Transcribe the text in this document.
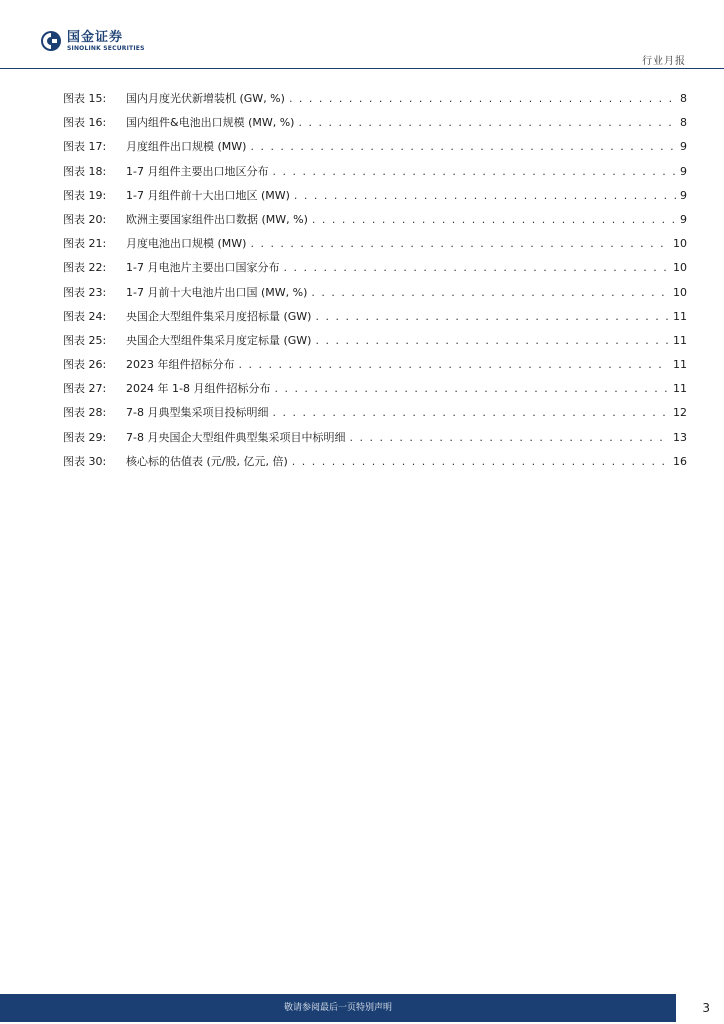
国金证券
SINOLINK SECURITIES
行业月报
图表 15:	国内月度光伏新增装机 (GW, %) . . .	8
图表 16:	国内组件&电池出口规模 (MW, %) . . .	8
图表 17:	月度组件出口规模 (MW) . . .	9
图表 18:	1-7 月组件主要出口地区分布 . . .	9
图表 19:	1-7 月组件前十大出口地区 (MW) . . .	9
图表 20:	欧洲主要国家组件出口数据 (MW, %) . . .	9
图表 21:	月度电池出口规模 (MW) . . .	10
图表 22:	1-7 月电池片主要出口国家分布 . . .	10
图表 23:	1-7 月前十大电池片出口国 (MW, %) . . .	10
图表 24:	央国企大型组件集采月度招标量 (GW) . . .	11
图表 25:	央国企大型组件集采月度定标量 (GW) . . .	11
图表 26:	2023 年组件招标分布 . . .	11
图表 27:	2024 年 1-8 月组件招标分布 . . .	11
图表 28:	7-8 月典型集采项目投标明细 . . .	12
图表 29:	7-8 月央国企大型组件典型集采项目中标明细 . . .	13
图表 30:	核心标的估值表 (元/股, 亿元, 倍) . . .	16
敬请参阅最后一页特别声明	3
